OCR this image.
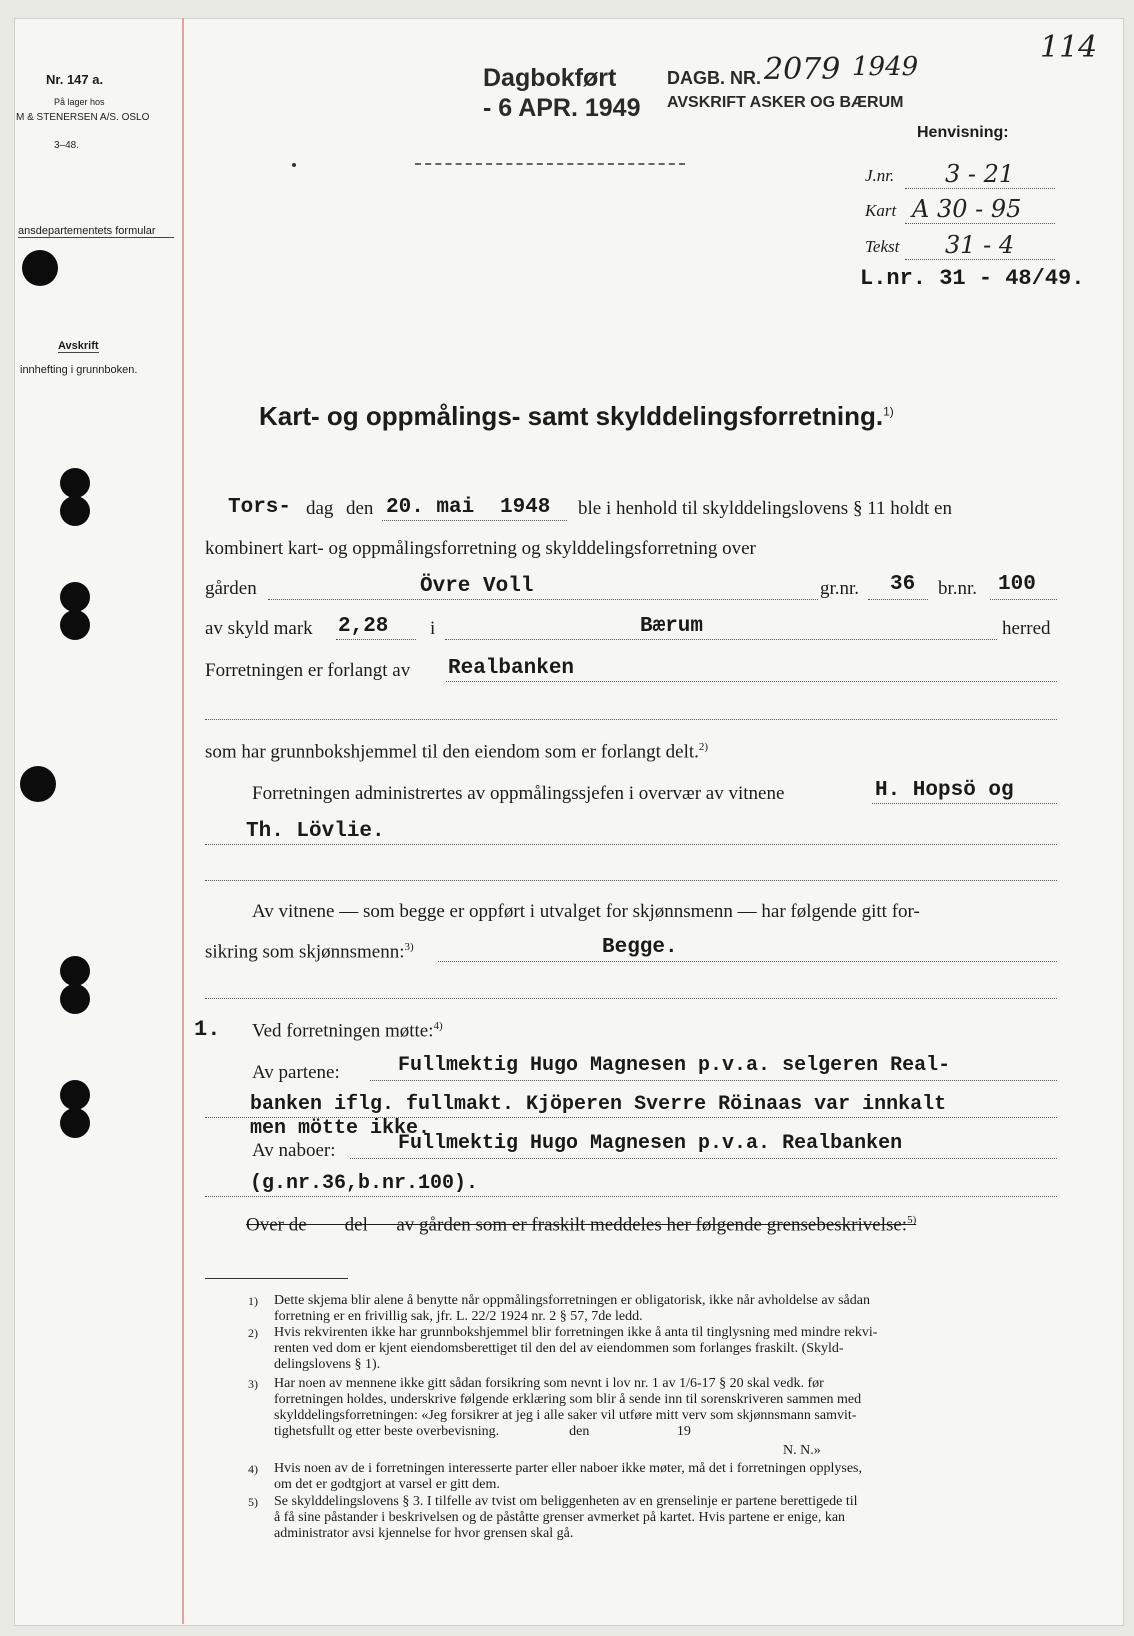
Nr. 147 a.
På lager hos
M & STENERSEN A/S. OSLO
3–48.
ansdepartementets formular
Avskrift
innhefting i grunnboken.
Dagbokført
- 6 APR. 1949
DAGB. NR. 2079 1949
AVSKRIFT ASKER OG BÆRUM
114
Henvisning:
J.nr. 3 - 21
Kart A 30 - 95
Tekst 31 - 4
L.nr. 31 - 48/49.
Kart- og oppmålings- samt skylddelingsforretning.$^{1)}$
Tors- dag den 20. mai 1948 ble i henhold til skylddelingslovens § 11 holdt en
kombinert kart- og oppmålingsforretning og skylddelingsforretning over
gården	Övre Voll	gr.nr. 36 br.nr. 100
av skyld mark 2,28 i	Bærum	herred
Forretningen er forlangt av Realbanken
som har grunnbokshjemmel til den eiendom som er forlangt delt.$^{2)}$
Forretningen administrertes av oppmålingssjefen i overvær av vitnene	H. Hopsö og
Th. Lövlie.
Av vitnene — som begge er oppført i utvalget for skjønnsmenn — har følgende gitt for-
sikring som skjønnsmenn:$^{3)}$	Begge.
1. Ved forretningen møtte:$^{4)}$
Av partene:	Fullmektig Hugo Magnesen p.v.a. selgeren Real-
banken iflg. fullmakt. Kjöperen Sverre Röinaas var innkalt
men mötte ikke.
Av naboer:	Fullmektig Hugo Magnesen p.v.a. Realbanken
(g.nr.36,b.nr.100).
Over de        del      av gården som er fraskilt meddeles her følgende grensebeskrivelse:$^{5)}$
1) Dette skjema blir alene å benytte når oppmålingsforretningen er obligatorisk, ikke når avholdelse av sådan
forretning er en frivillig sak, jfr. L. 22/2 1924 nr. 2 § 57, 7de ledd.
2) Hvis rekvirenten ikke har grunnbokshjemmel blir forretningen ikke å anta til tinglysning med mindre rekvi-
renten ved dom er kjent eiendomsberettiget til den del av eiendommen som forlanges fraskilt. (Skyld-
delingslovens § 1).
3) Har noen av mennene ikke gitt sådan forsikring som nevnt i lov nr. 1 av 1/6-17 § 20 skal vedk. før
forretningen holdes, underskrive følgende erklæring som blir å sende inn til sorenskriveren sammen med
skylddelingsforretningen: «Jeg forsikrer at jeg i alle saker vil utføre mitt verv som skjønnsmann samvit-
tighetsfullt og etter beste overbevisning.                    den                         19
N. N.»
4) Hvis noen av de i forretningen interesserte parter eller naboer ikke møter, må det i forretningen opplyses,
om det er godtgjort at varsel er gitt dem.
5) Se skylddelingslovens § 3. I tilfelle av tvist om beliggenheten av en grenselinje er partene berettigede til
å få sine påstander i beskrivelsen og de påståtte grenser avmerket på kartet. Hvis partene er enige, kan
administrator avsi kjennelse for hvor grensen skal gå.
